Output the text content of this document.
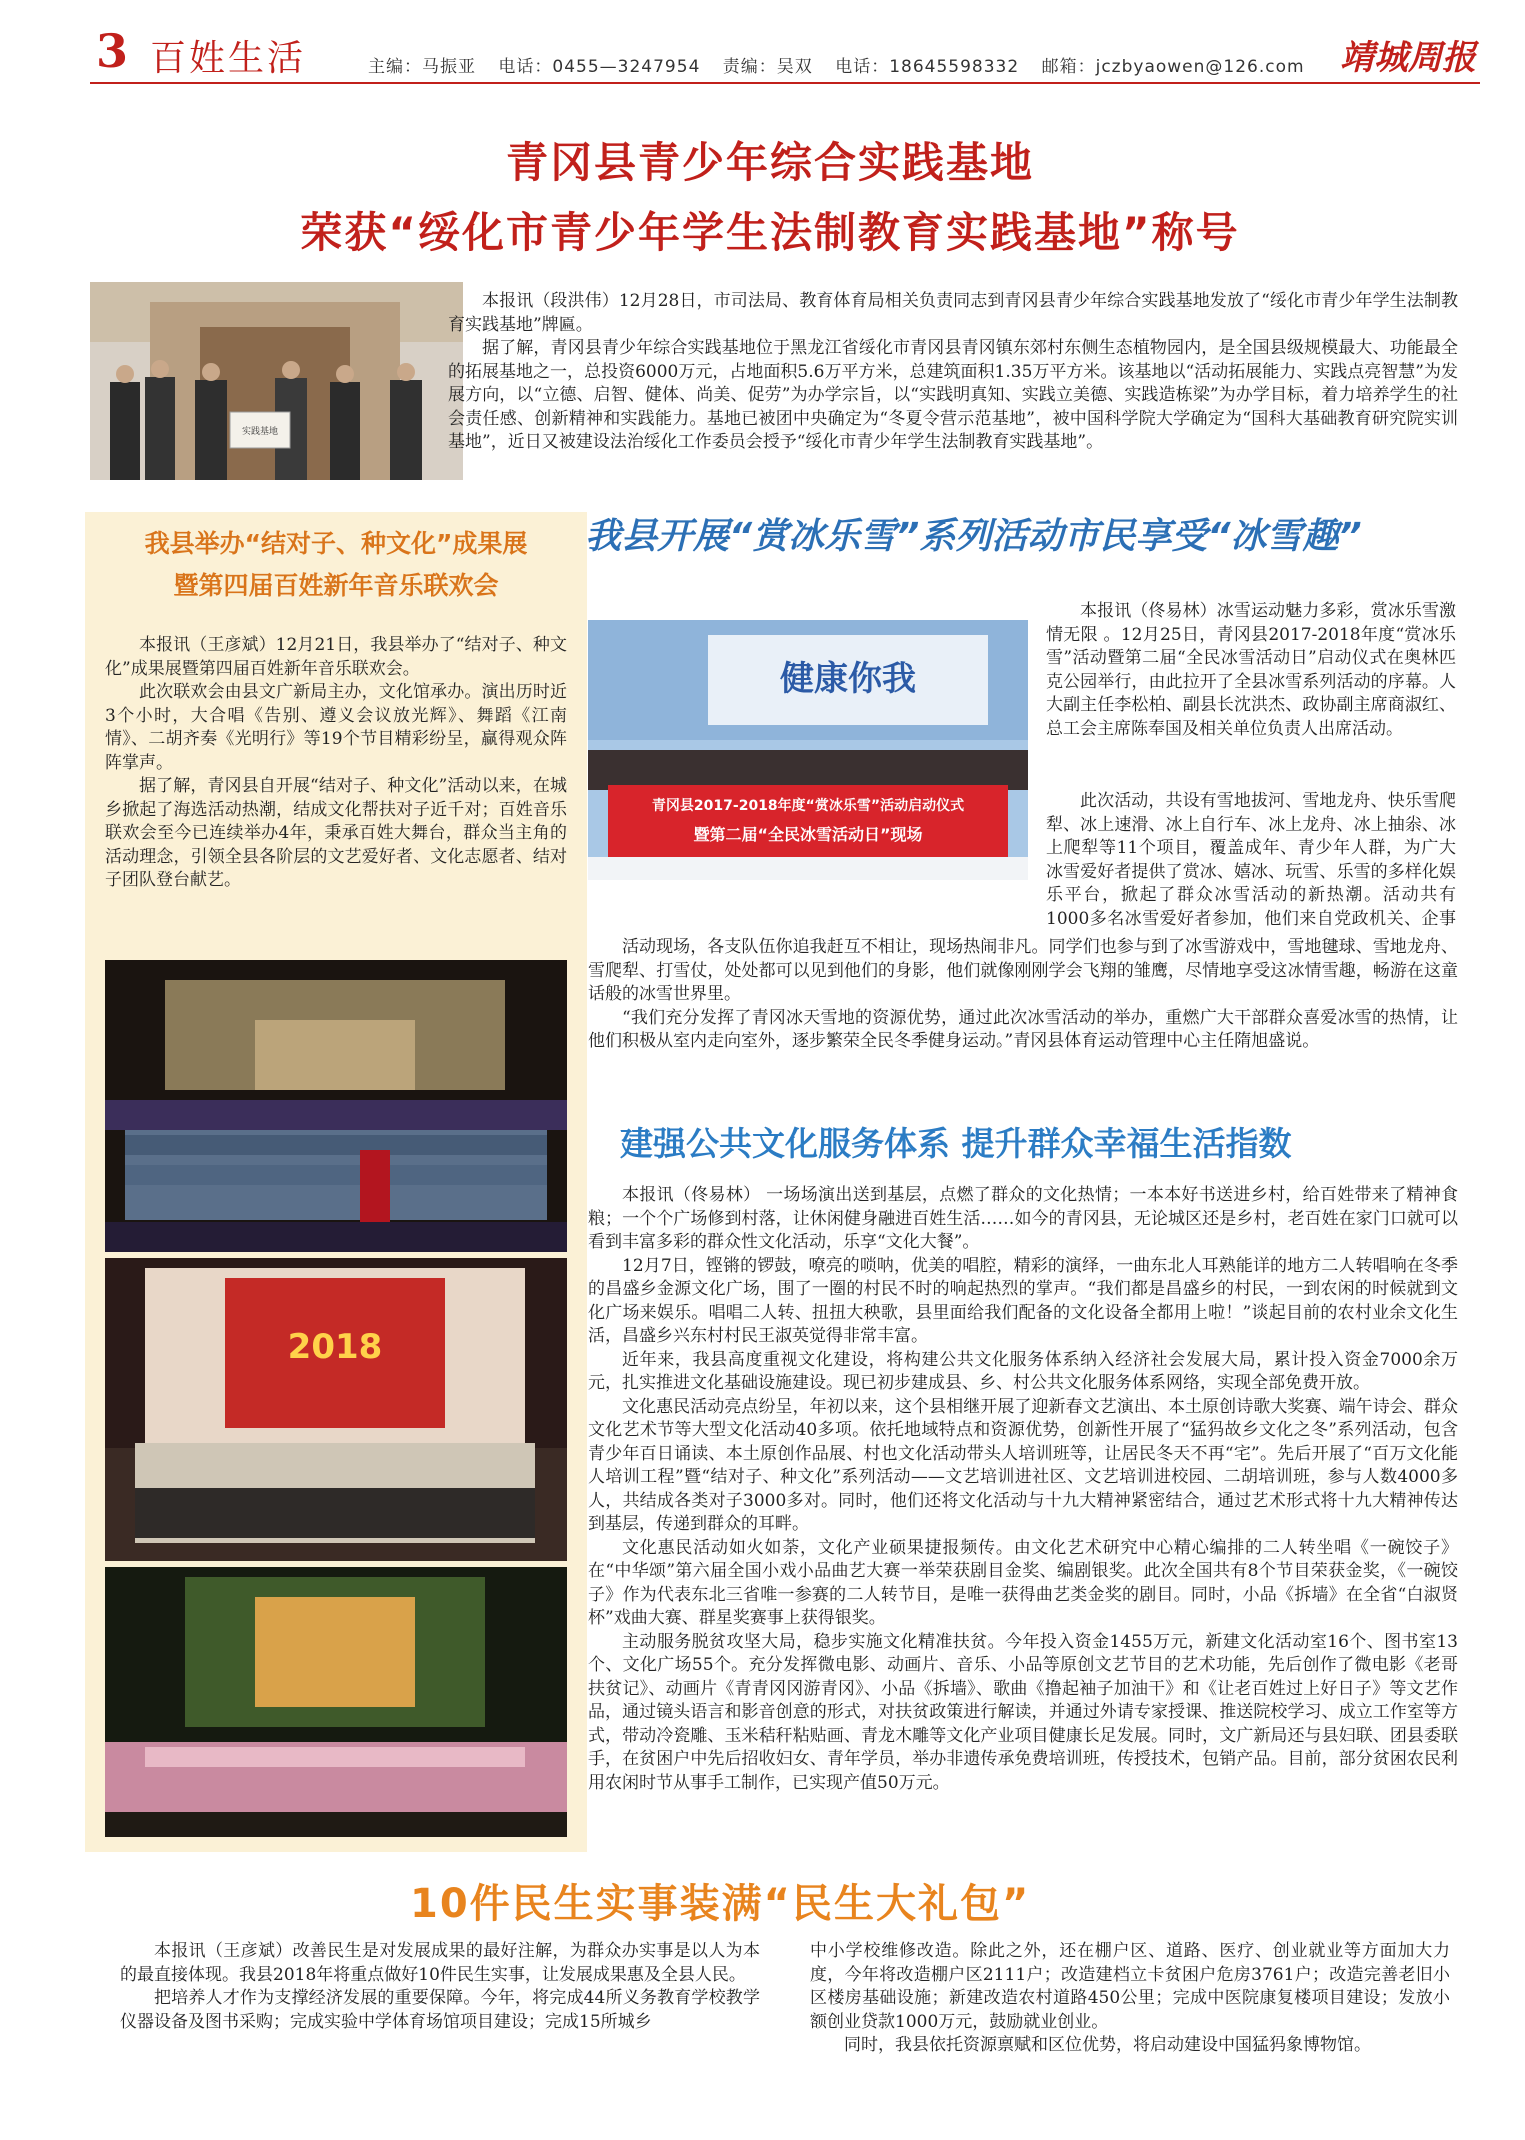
3 百姓生活	主编：马振亚 电话：0455—3247954 责编：吴双 电话：18645598332 邮箱：jczbyaowen@126.com	靖城周报
青冈县青少年综合实践基地
荣获“绥化市青少年学生法制教育实践基地”称号
实践基地

本报讯（段洪伟）12月28日，市司法局、教育体育局相关负责同志到青冈县青少年综合实践基地发放了“绥化市青少年学生法制教育实践基地”牌匾。

据了解，青冈县青少年综合实践基地位于黑龙江省绥化市青冈县青冈镇东郊村东侧生态植物园内，是全国县级规模最大、功能最全的拓展基地之一，总投资6000万元，占地面积5.6万平方米，总建筑面积1.35万平方米。该基地以“活动拓展能力、实践点亮智慧”为发展方向，以“立德、启智、健体、尚美、促劳”为办学宗旨，以“实践明真知、实践立美德、实践造栋梁”为办学目标，着力培养学生的社会责任感、创新精神和实践能力。基地已被团中央确定为“冬夏令营示范基地”，被中国科学院大学确定为“国科大基础教育研究院实训基地”，近日又被建设法治绥化工作委员会授予“绥化市青少年学生法制教育实践基地”。

我县举办“结对子、种文化”成果展
暨第四届百姓新年音乐联欢会

本报讯（王彦斌）12月21日，我县举办了“结对子、种文化”成果展暨第四届百姓新年音乐联欢会。

此次联欢会由县文广新局主办，文化馆承办。演出历时近3个小时，大合唱《告别、遵义会议放光辉》、舞蹈《江南情》、二胡齐奏《光明行》等19个节目精彩纷呈，赢得观众阵阵掌声。

据了解，青冈县自开展“结对子、种文化”活动以来，在城乡掀起了海选活动热潮，结成文化帮扶对子近千对；百姓音乐联欢会至今已连续举办4年，秉承百姓大舞台，群众当主角的活动理念，引领全县各阶层的文艺爱好者、文化志愿者、结对子团队登台献艺。

2018
我县开展“赏冰乐雪”系列活动市民享受“冰雪趣”
健康你我
青冈县2017-2018年度“赏冰乐雪”活动启动仪式
暨第二届“全民冰雪活动日”现场

本报讯（佟易林）冰雪运动魅力多彩，赏冰乐雪激情无限 。12月25日，青冈县2017-2018年度“赏冰乐雪”活动暨第二届“全民冰雪活动日”启动仪式在奥林匹克公园举行，由此拉开了全县冰雪系列活动的序幕。人大副主任李松柏、副县长沈洪杰、政协副主席商淑红、总工会主席陈奉国及相关单位负责人出席活动。

此次活动，共设有雪地拔河、雪地龙舟、快乐雪爬犁、冰上速滑、冰上自行车、冰上龙舟、冰上抽尜、冰上爬犁等11个项目，覆盖成年、青少年人群，为广大冰雪爱好者提供了赏冰、嬉冰、玩雪、乐雪的多样化娱乐平台，掀起了群众冰雪活动的新热潮。活动共有1000多名冰雪爱好者参加，他们来自党政机关、企事

活动现场，各支队伍你追我赶互不相让，现场热闹非凡。同学们也参与到了冰雪游戏中，雪地毽球、雪地龙舟、雪爬犁、打雪仗，处处都可以见到他们的身影，他们就像刚刚学会飞翔的雏鹰，尽情地享受这冰情雪趣，畅游在这童话般的冰雪世界里。

“我们充分发挥了青冈冰天雪地的资源优势，通过此次冰雪活动的举办，重燃广大干部群众喜爱冰雪的热情，让他们积极从室内走向室外，逐步繁荣全民冬季健身运动。”青冈县体育运动管理中心主任隋旭盛说。

建强公共文化服务体系 提升群众幸福生活指数

本报讯（佟易林） 一场场演出送到基层，点燃了群众的文化热情；一本本好书送进乡村，给百姓带来了精神食粮；一个个广场修到村落，让休闲健身融进百姓生活……如今的青冈县，无论城区还是乡村，老百姓在家门口就可以看到丰富多彩的群众性文化活动，乐享“文化大餐”。

12月7日，铿锵的锣鼓，嘹亮的唢呐，优美的唱腔，精彩的演绎，一曲东北人耳熟能详的地方二人转唱响在冬季的昌盛乡金源文化广场，围了一圈的村民不时的响起热烈的掌声。“我们都是昌盛乡的村民，一到农闲的时候就到文化广场来娱乐。唱唱二人转、扭扭大秧歌，县里面给我们配备的文化设备全都用上啦！”谈起目前的农村业余文化生活，昌盛乡兴东村村民王淑英觉得非常丰富。

近年来，我县高度重视文化建设，将构建公共文化服务体系纳入经济社会发展大局，累计投入资金7000余万元，扎实推进文化基础设施建设。现已初步建成县、乡、村公共文化服务体系网络，实现全部免费开放。

文化惠民活动亮点纷呈，年初以来，这个县相继开展了迎新春文艺演出、本土原创诗歌大奖赛、端午诗会、群众文化艺术节等大型文化活动40多项。依托地域特点和资源优势，创新性开展了“猛犸故乡文化之冬”系列活动，包含青少年百日诵读、本土原创作品展、村也文化活动带头人培训班等，让居民冬天不再“宅”。先后开展了“百万文化能人培训工程”暨“结对子、种文化”系列活动——文艺培训进社区、文艺培训进校园、二胡培训班，参与人数4000多人，共结成各类对子3000多对。同时，他们还将文化活动与十九大精神紧密结合，通过艺术形式将十九大精神传达到基层，传递到群众的耳畔。

文化惠民活动如火如荼，文化产业硕果捷报频传。由文化艺术研究中心精心编排的二人转坐唱《一碗饺子》在“中华颂”第六届全国小戏小品曲艺大赛一举荣获剧目金奖、编剧银奖。此次全国共有8个节目荣获金奖，《一碗饺子》作为代表东北三省唯一参赛的二人转节目，是唯一获得曲艺类金奖的剧目。同时，小品《拆墙》在全省“白淑贤杯”戏曲大赛、群星奖赛事上获得银奖。

主动服务脱贫攻坚大局，稳步实施文化精准扶贫。今年投入资金1455万元，新建文化活动室16个、图书室13个、文化广场55个。充分发挥微电影、动画片、音乐、小品等原创文艺节目的艺术功能，先后创作了微电影《老哥扶贫记》、动画片《青青冈冈游青冈》、小品《拆墙》、歌曲《撸起袖子加油干》和《让老百姓过上好日子》等文艺作品，通过镜头语言和影音创意的形式，对扶贫政策进行解读，并通过外请专家授课、推送院校学习、成立工作室等方式，带动冷瓷雕、玉米秸秆粘贴画、青龙木雕等文化产业项目健康长足发展。同时，文广新局还与县妇联、团县委联手，在贫困户中先后招收妇女、青年学员，举办非遗传承免费培训班，传授技术，包销产品。目前，部分贫困农民利用农闲时节从事手工制作，已实现产值50万元。

10件民生实事装满“民生大礼包”

本报讯（王彦斌）改善民生是对发展成果的最好注解，为群众办实事是以人为本的最直接体现。我县2018年将重点做好10件民生实事，让发展成果惠及全县人民。

把培养人才作为支撑经济发展的重要保障。今年，将完成44所义务教育学校教学仪器设备及图书采购；完成实验中学体育场馆项目建设；完成15所城乡

中小学校维修改造。除此之外，还在棚户区、道路、医疗、创业就业等方面加大力度，今年将改造棚户区2111户；改造建档立卡贫困户危房3761户；改造完善老旧小区楼房基础设施；新建改造农村道路450公里；完成中医院康复楼项目建设；发放小额创业贷款1000万元，鼓励就业创业。

同时，我县依托资源禀赋和区位优势，将启动建设中国猛犸象博物馆。
